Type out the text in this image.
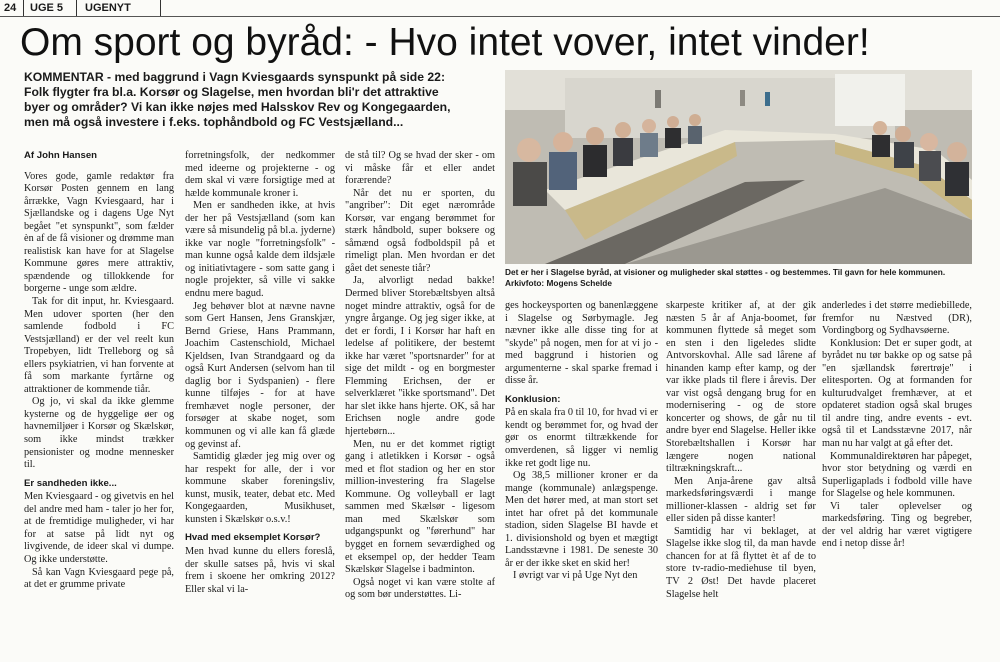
24 UGE 5 UGENYT
Om sport og byråd: - Hvo intet vover, intet vinder!
KOMMENTAR - med baggrund i Vagn Kviesgaards synspunkt på side 22:
Folk flygter fra bl.a. Korsør og Slagelse, men hvordan bli'r det attraktive
byer og områder? Vi kan ikke nøjes med Halsskov Rev og Kongegaarden,
men må også investere i f.eks. tophåndbold og FC Vestsjælland...
Det er her i Slagelse byråd, at visioner og muligheder skal støttes - og bestemmes. Til gavn for hele kommunen.
Arkivfoto: Mogens Schelde
Af John Hansen

Vores gode, gamle redaktør fra Korsør Posten gennem en lang årrække, Vagn Kviesgaard, har i Sjællandske og i dagens Uge Nyt begået "et synspunkt", som fælder èn af de få visioner og drømme man realistisk kan have for at Slagelse Kommune gøres mere attraktiv, spændende og tillokkende for borgerne - unge som ældre.

Tak for dit input, hr. Kviesgaard. Men udover sporten (her den samlende fodbold i FC Vestsjælland) er der vel reelt kun Tropebyen, lidt Trelleborg og så ellers psykiatrien, vi han forvente at få som markante fyrtårne og attraktioner de kommende tiår.

Og jo, vi skal da ikke glemme kysterne og de hyggelige øer og havnemiljøer i Korsør og Skælskør, som ikke mindst trækker pensionister og modne mennesker til.

Er sandheden ikke...

Men Kviesgaard - og givetvis en hel del andre med ham - taler jo her for, at de fremtidige muligheder, vi har for at satse på lidt nyt og livgivende, de ideer skal vi dumpe. Og ikke understøtte.

Så kan Vagn Kviesgaard pege på, at det er grumme private

forretningsfolk, der nedkommer med ideerne og projekterne - og dem skal vi være forsigtige med at hælde kommunale kroner i.

Men er sandheden ikke, at hvis der her på Vestsjælland (som kan være så misundelig på bl.a. jyderne) ikke var nogle "forretningsfolk" - man kunne også kalde dem ildsjæle og initiativtagere - som satte gang i nogle projekter, så ville vi sakke endnu mere bagud.

Jeg behøver blot at nævne navne som Gert Hansen, Jens Granskjær, Bernd Griese, Hans Prammann, Joachim Castenschiold, Michael Kjeldsen, Ivan Strandgaard og da også Kurt Andersen (selvom han til daglig bor i Sydspanien) - flere kunne tilføjes - for at have fremhævet nogle personer, der forsøger at skabe noget, som kommunen og vi alle kan få glæde og gevinst af.

Samtidig glæder jeg mig over og har respekt for alle, der i vor kommune skaber foreningsliv, kunst, musik, teater, debat etc. Med Kongegaarden, Musikhuset, kunsten i Skælskør o.s.v.!

Hvad med eksemplet Korsør?

Men hvad kunne du ellers foreslå, der skulle satses på, hvis vi skal frem i skoene her omkring 2012? Eller skal vi la-

de stå til? Og se hvad der sker - om vi måske får et eller andet forærende?

Når det nu er sporten, du "angriber": Dit eget nærområde Korsør, var engang berømmet for stærk håndbold, super boksere og såmænd også fodboldspil på et rimeligt plan. Men hvordan er det gået det seneste tiår?

Ja, alvorligt nedad bakke! Dermed bliver Storebæltsbyen altså noget mindre attraktiv, også for de yngre årgange. Og jeg siger ikke, at det er fordi, I i Korsør har haft en ledelse af politikere, der bestemt ikke har været "sportsnarder" for at sige det mildt - og en borgmester Flemming Erichsen, der er selverklæret "ikke sportsmand". Det har slet ikke hans hjerte. OK, så har Erichsen nogle andre gode hjertebørn...

Men, nu er det kommet rigtigt gang i atletikken i Korsør - også med et flot stadion og her en stor million-investering fra Slagelse Kommune. Og volleyball er lagt sammen med Skælsør - ligesom man med Skælskør som udgangspunkt og "førerhund" har bygget en fornem seværdighed og et eksempel op, der hedder Team Skælskør Slagelse i badminton.

Også noget vi kan være stolte af og som bør understøttes. Li-

ges hockeysporten og banenlæggene i Slagelse og Sørbymagle. Jeg nævner ikke alle disse ting for at "skyde" på nogen, men for at vi jo - med baggrund i historien og argumenterne - skal sparke fremad i disse år.

Konklusion:

På en skala fra 0 til 10, for hvad vi er kendt og berømmet for, og hvad der gør os enormt tiltrækkende for omverdenen, så ligger vi nemlig ikke ret godt lige nu.

Og 38,5 millioner kroner er da mange (kommunale) anlægspenge. Men det hører med, at man stort set intet har ofret på det kommunale stadion, siden Slagelse BI havde et 1. divisionshold og byen et mægtigt Landsstævne i 1981. De seneste 30 år er der ikke sket en skid her!

I øvrigt var vi på Uge Nyt den

skarpeste kritiker af, at der gik næsten 5 år af Anja-boomet, før kommunen flyttede så meget som en sten i den ligeledes slidte Antvorskovhal. Alle sad lårene af hinanden kamp efter kamp, og der var ikke plads til flere i årevis. Der var vist også dengang brug for en modernisering - og de store koncerter og shows, de går nu til andre byer end Slagelse. Heller ikke Storebæltshallen i Korsør har længere nogen national tiltrækningskraft...

Men Anja-årene gav altså markedsføringsværdi i mange millioner-klassen - aldrig set før eller siden på disse kanter!

Samtidig har vi beklaget, at Slagelse ikke slog til, da man havde chancen for at få flyttet èt af de to store tv-radio-mediehuse til byen, TV 2 Øst! Det havde placeret Slagelse helt

anderledes i det større mediebillede, fremfor nu Næstved (DR), Vordingborg og Sydhavsøerne.

Konklusion: Det er super godt, at byrådet nu tør bakke op og satse på "en sjællandsk førertrøje" i elitesporten. Og at formanden for kulturudvalget fremhæver, at et opdateret stadion også skal bruges til andre ting, andre events - evt. også til et Landsstævne 2017, når man nu har valgt at gå efter det.

Kommunaldirektøren har påpeget, hvor stor betydning og værdi en Superligaplads i fodbold ville have for Slagelse og hele kommunen.

Vi taler oplevelser og markedsføring. Ting og begreber, der vel aldrig har været vigtigere end i netop disse år!
